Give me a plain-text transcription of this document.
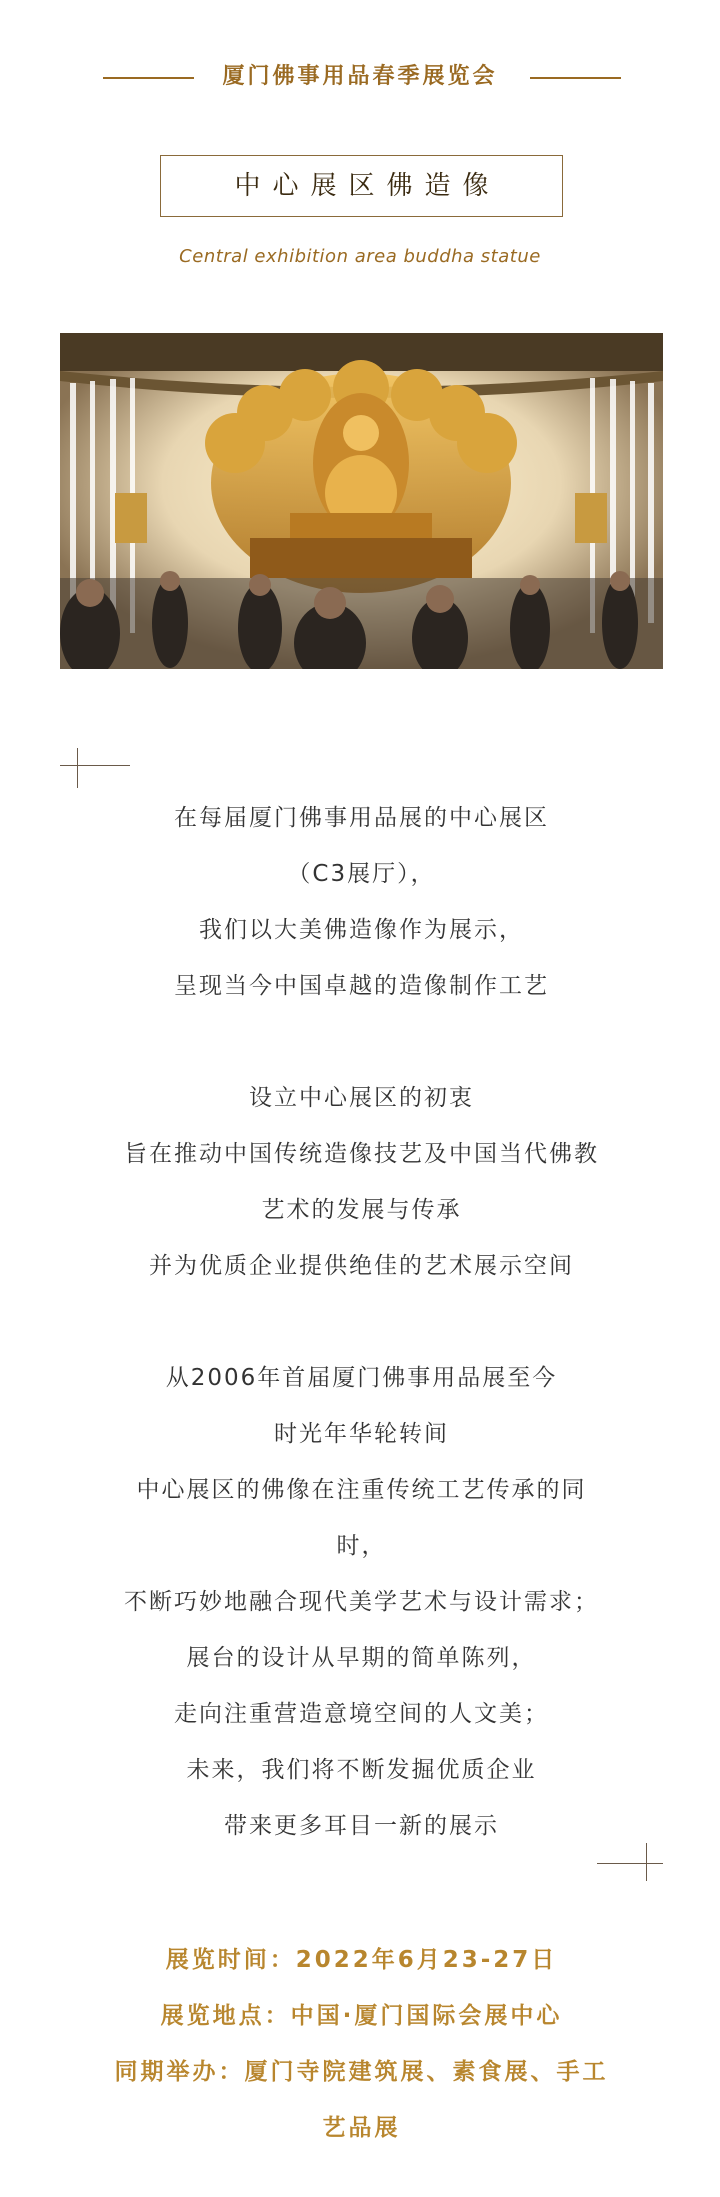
厦门佛事用品春季展览会
中心展区佛造像
Central exhibition area buddha statue
在每届厦门佛事用品展的中心展区
（C3展厅），
我们以大美佛造像作为展示，
呈现当今中国卓越的造像制作工艺
设立中心展区的初衷
旨在推动中国传统造像技艺及中国当代佛教
艺术的发展与传承
并为优质企业提供绝佳的艺术展示空间
从2006年首届厦门佛事用品展至今
时光年华轮转间
中心展区的佛像在注重传统工艺传承的同
时，
不断巧妙地融合现代美学艺术与设计需求；
展台的设计从早期的简单陈列，
走向注重营造意境空间的人文美；
未来，我们将不断发掘优质企业
带来更多耳目一新的展示
展览时间：2022年6月23-27日
展览地点：中国·厦门国际会展中心
同期举办：厦门寺院建筑展、素食展、手工
艺品展
